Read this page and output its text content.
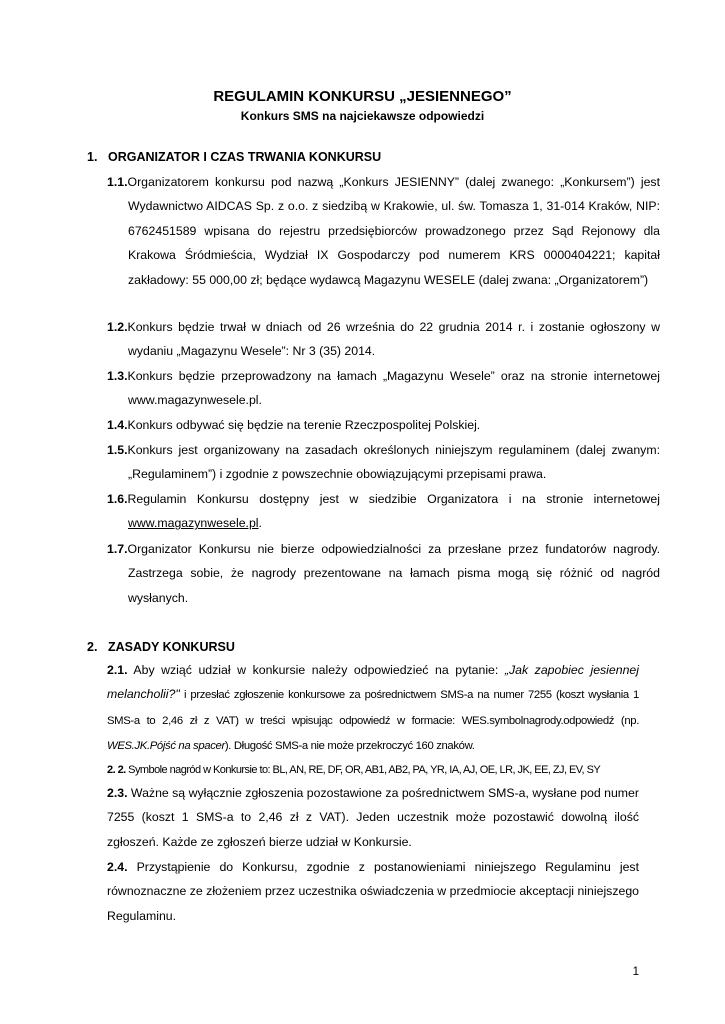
REGULAMIN KONKURSU „JESIENNEGO”
Konkurs SMS na najciekawsze odpowiedzi
1. ORGANIZATOR I CZAS TRWANIA KONKURSU
1.1.Organizatorem konkursu pod nazwą „Konkurs JESIENNY” (dalej zwanego: „Konkursem”) jest Wydawnictwo AIDCAS Sp. z o.o. z siedzibą w Krakowie, ul. św. Tomasza 1, 31-014 Kraków, NIP: 6762451589 wpisana do rejestru przedsiębiorców prowadzonego przez Sąd Rejonowy dla Krakowa Śródmieścia, Wydział IX Gospodarczy pod numerem KRS 0000404221; kapitał zakładowy: 55 000,00 zł; będące wydawcą Magazynu WESELE (dalej zwana: „Organizatorem”)
1.2.Konkurs będzie trwał w dniach od 26 września do 22 grudnia 2014 r. i zostanie ogłoszony w wydaniu „Magazynu Wesele”: Nr 3 (35) 2014.
1.3.Konkurs będzie przeprowadzony na łamach „Magazynu Wesele” oraz na stronie internetowej www.magazynwesele.pl.
1.4.Konkurs odbywać się będzie na terenie Rzeczpospolitej Polskiej.
1.5.Konkurs jest organizowany na zasadach określonych niniejszym regulaminem (dalej zwanym: „Regulaminem”) i zgodnie z powszechnie obowiązującymi przepisami prawa.
1.6.Regulamin Konkursu dostępny jest w siedzibie Organizatora i na stronie internetowej www.magazynwesele.pl.
1.7.Organizator Konkursu nie bierze odpowiedzialności za przesłane przez fundatorów nagrody. Zastrzega sobie, że nagrody prezentowane na łamach pisma mogą się różnić od nagród wysłanych.
2. ZASADY KONKURSU
2.1. Aby wziąć udział w konkursie należy odpowiedzieć na pytanie: „Jak zapobiec jesiennej melancholii?" i przesłać zgłoszenie konkursowe za pośrednictwem SMS-a na numer 7255 (koszt wysłania 1 SMS-a to 2,46 zł z VAT) w treści wpisując odpowiedź w formacie: WES.symbolnagrody.odpowiedź (np. WES.JK.Pójść na spacer). Długość SMS-a nie może przekroczyć 160 znaków.
2. 2. Symbole nagród w Konkursie to: BL, AN, RE, DF, OR, AB1, AB2, PA, YR, IA, AJ, OE, LR, JK, EE, ZJ, EV, SY
2.3. Ważne są wyłącznie zgłoszenia pozostawione za pośrednictwem SMS-a, wysłane pod numer 7255 (koszt 1 SMS-a to 2,46 zł z VAT). Jeden uczestnik może pozostawić dowolną ilość zgłoszeń. Każde ze zgłoszeń bierze udział w Konkursie.
2.4. Przystąpienie do Konkursu, zgodnie z postanowieniami niniejszego Regulaminu jest równoznaczne ze złożeniem przez uczestnika oświadczenia w przedmiocie akceptacji niniejszego Regulaminu.
1
